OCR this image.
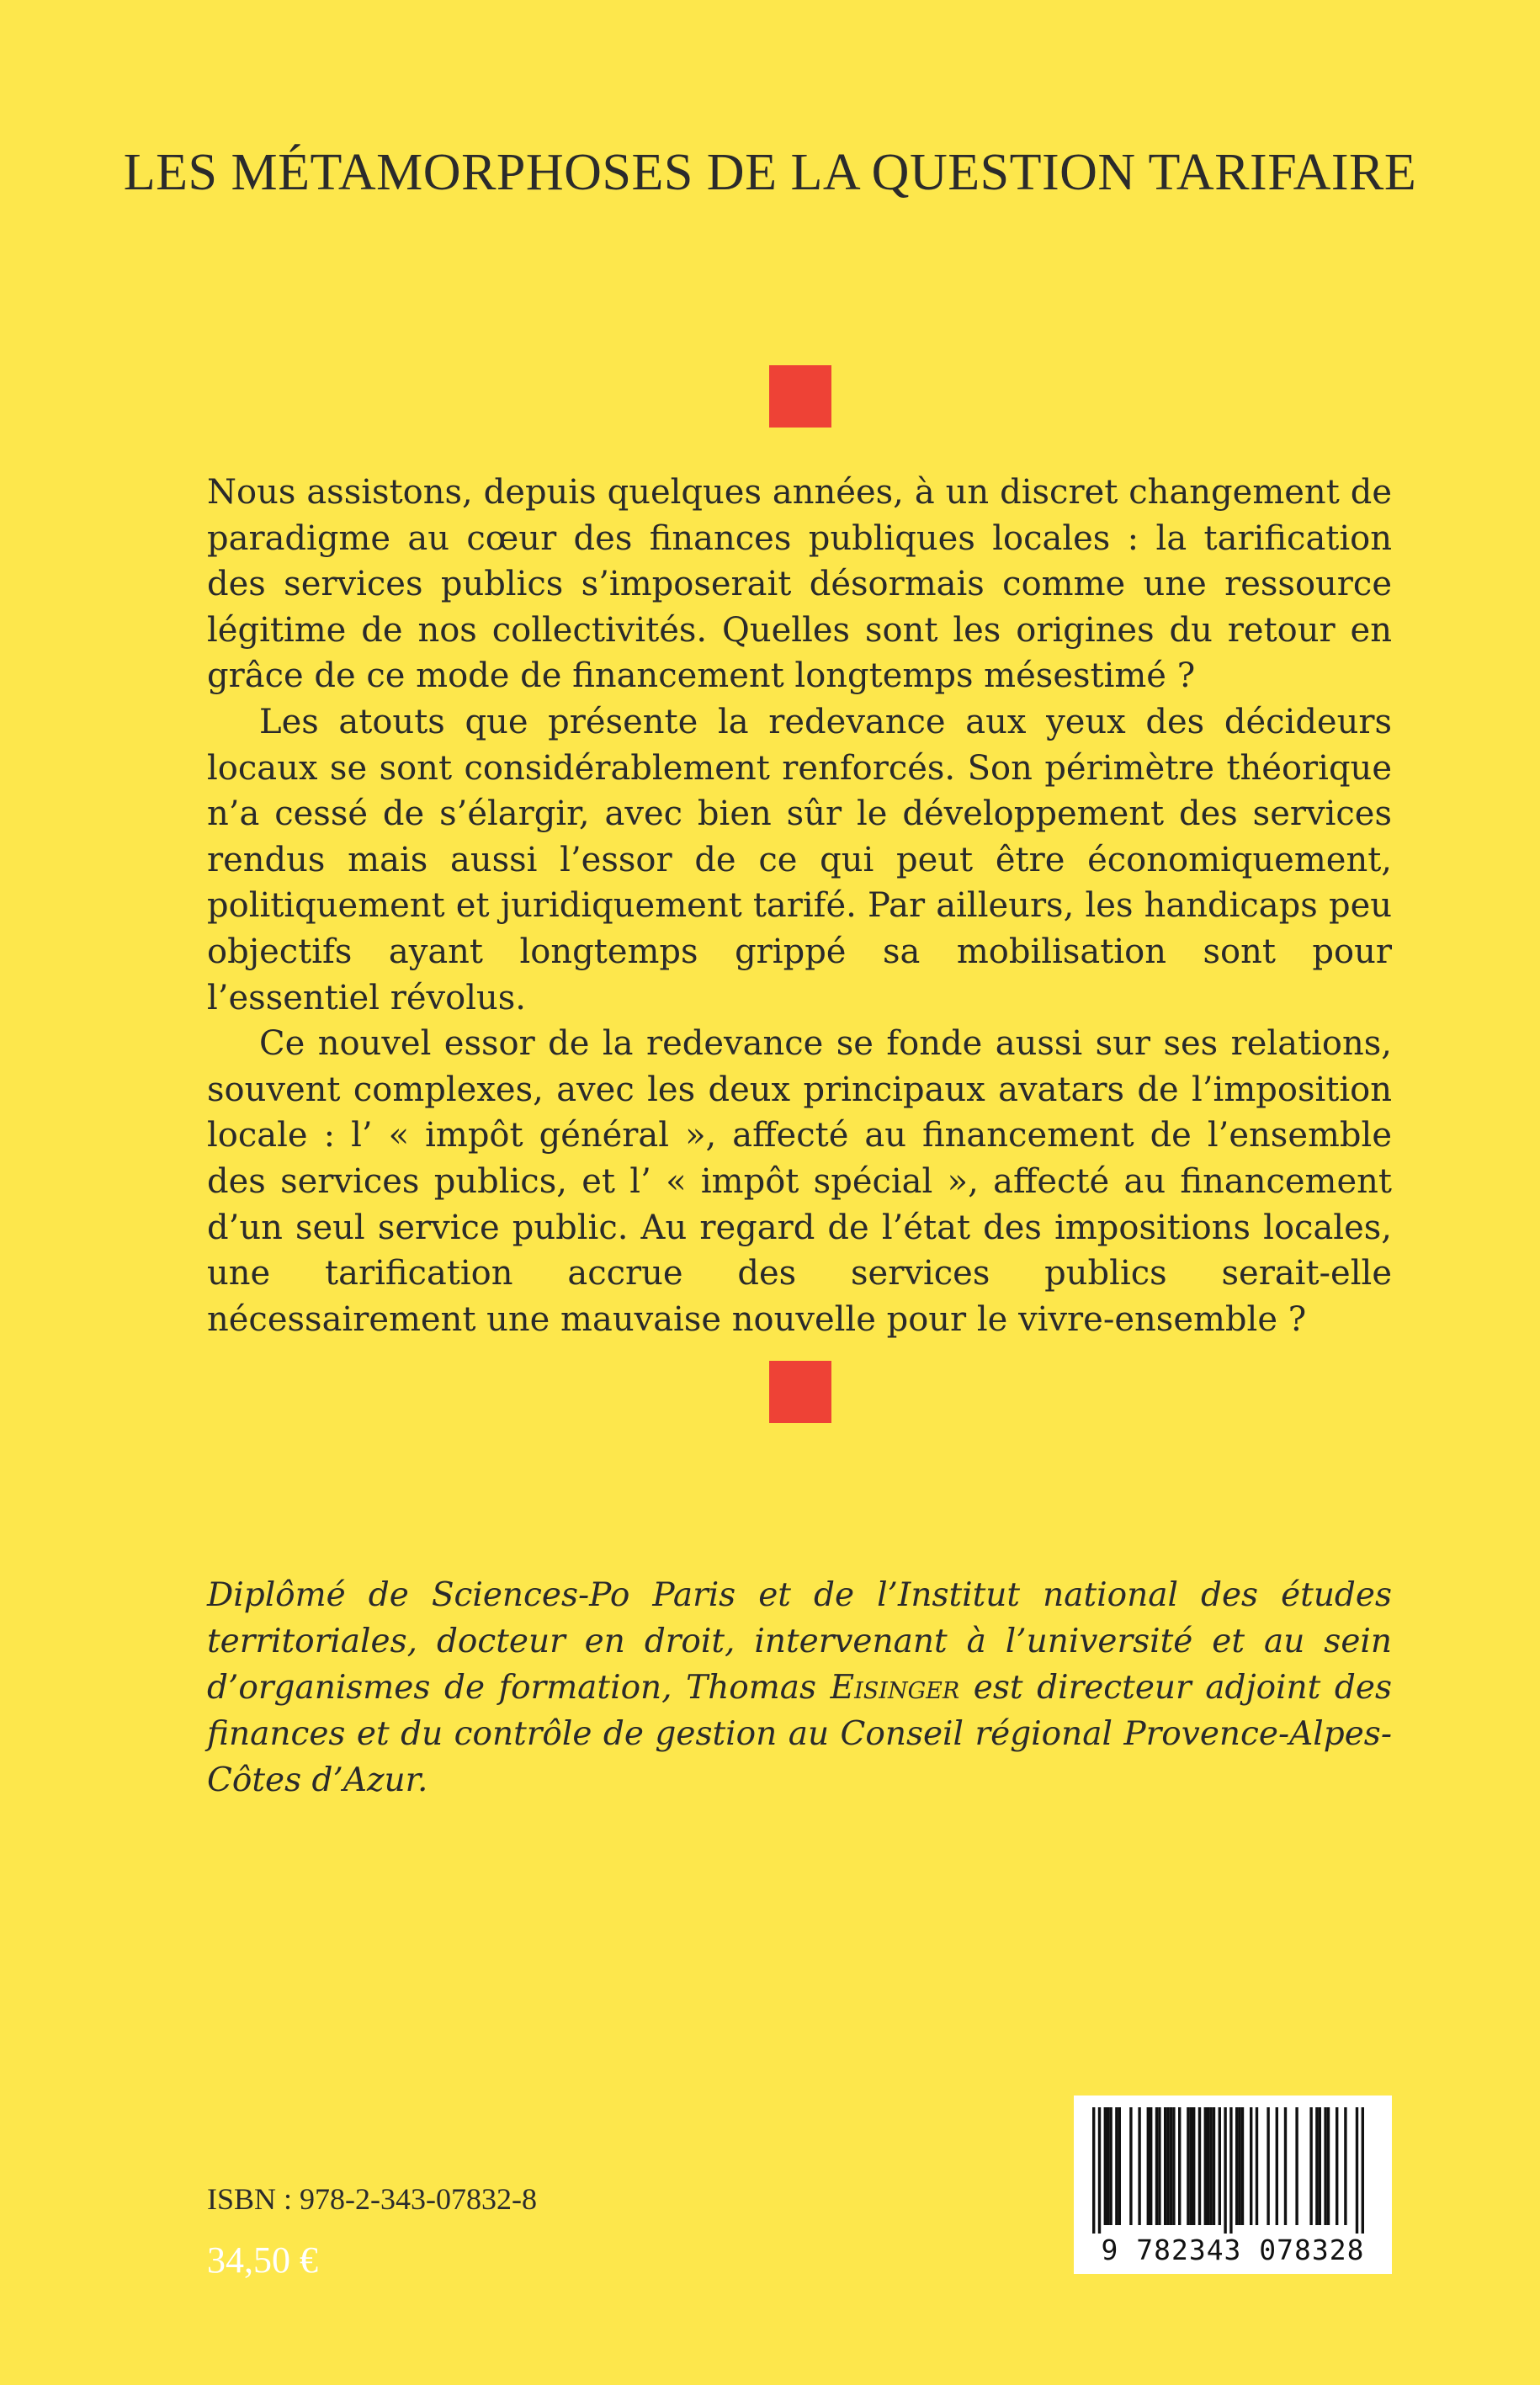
LES MÉTAMORPHOSES DE LA QUESTION TARIFAIRE

Nous assistons, depuis quelques années, à un discret changement de paradigme au cœur des finances publiques locales : la tarification des services publics s’imposerait désormais comme une ressource légitime de nos collectivités. Quelles sont les origines du retour en grâce de ce mode de financement longtemps mésestimé ?

Les atouts que présente la redevance aux yeux des décideurs locaux se sont considérablement renforcés. Son périmètre théorique n’a cessé de s’élargir, avec bien sûr le développement des services rendus mais aussi l’essor de ce qui peut être économiquement, politiquement et juridiquement tarifé. Par ailleurs, les handicaps peu objectifs ayant longtemps grippé sa mobilisation sont pour l’essentiel révolus.

Ce nouvel essor de la redevance se fonde aussi sur ses relations, souvent complexes, avec les deux principaux avatars de l’imposition locale : l’ « impôt général », affecté au financement de l’ensemble des services publics, et l’ « impôt spécial », affecté au financement d’un seul service public. Au regard de l’état des impositions locales, une tarification accrue des services publics serait-elle nécessairement une mauvaise nouvelle pour le vivre-ensemble ?

Diplômé de Sciences-Po Paris et de l’Institut national des études territoriales, docteur en droit, intervenant à l’université et au sein d’organismes de formation, Thomas Eisinger est directeur adjoint des finances et du contrôle de gestion au Conseil régional Provence-Alpes-Côtes d’Azur.
ISBN : 978-2-343-07832-8
34,50 €	9 782343 078328
